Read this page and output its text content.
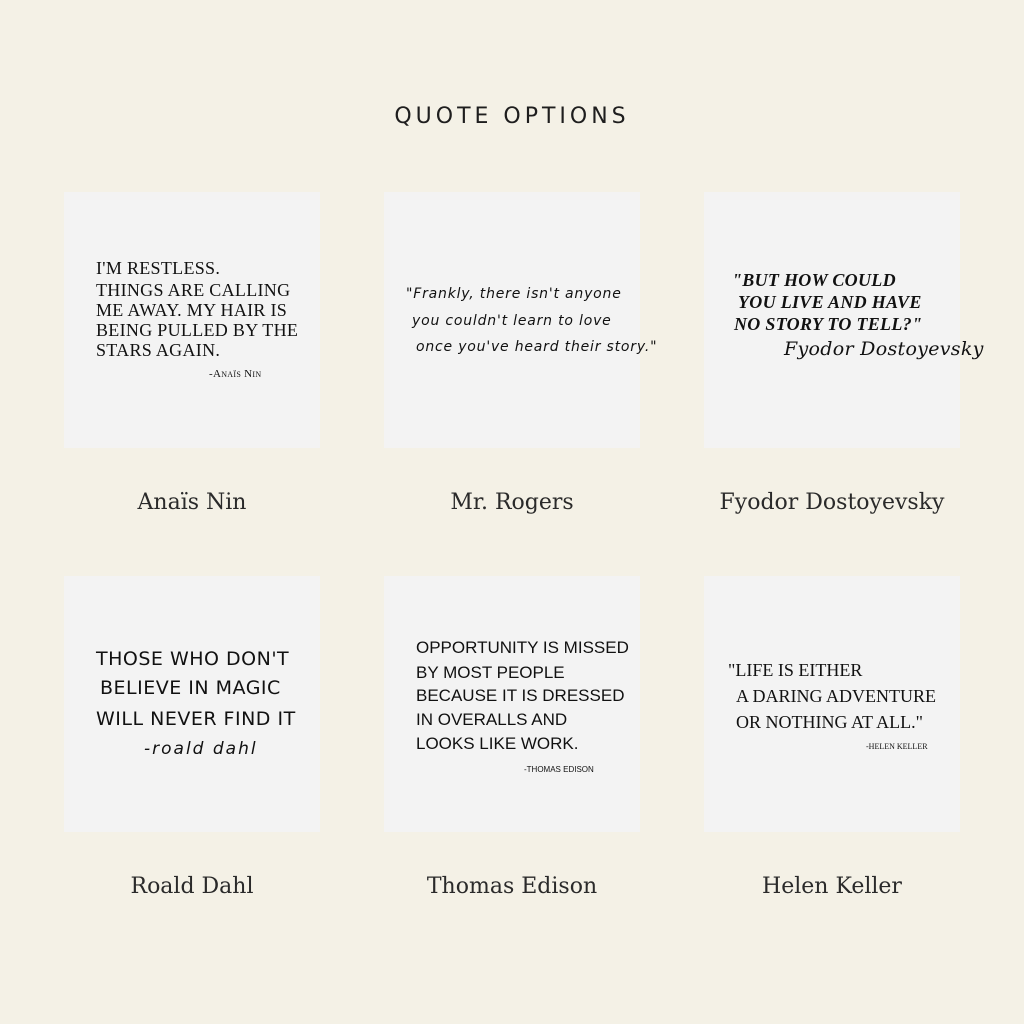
QUOTE OPTIONS
I'M RESTLESS.
THINGS ARE CALLING
ME AWAY. MY HAIR IS
BEING PULLED BY THE
STARS AGAIN.
-Anaïs Nin
Anaïs Nin
"Frankly, there isn't anyone
you couldn't learn to love
once you've heard their story."
Mr. Rogers
"BUT HOW COULD
YOU LIVE AND HAVE
NO STORY TO TELL?"
Fyodor Dostoyevsky
Fyodor Dostoyevsky
THOSE WHO DON'T
BELIEVE IN MAGIC
WILL NEVER FIND IT
-roald dahl
Roald Dahl
OPPORTUNITY IS MISSED
BY MOST PEOPLE
BECAUSE IT IS DRESSED
IN OVERALLS AND
LOOKS LIKE WORK.
-THOMAS EDISON
Thomas Edison
"LIFE IS EITHER
A DARING ADVENTURE
OR NOTHING AT ALL."
-HELEN KELLER
Helen Keller
